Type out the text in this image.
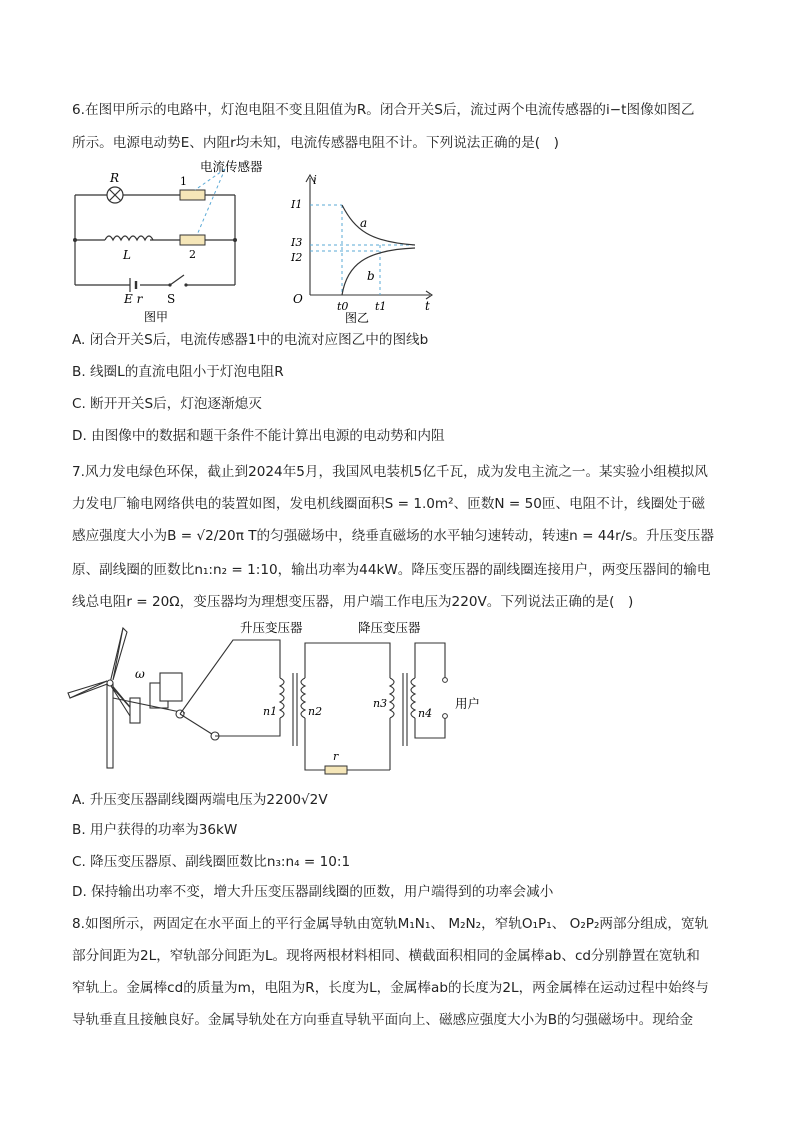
6.在图甲所示的电路中，灯泡电阻不变且阻值为R。闭合开关S后，流过两个电流传感器的i−t图像如图乙
所示。电源电动势E、内阻r均未知，电流传感器电阻不计。下列说法正确的是(　)
电流传感器
R	1
2
L
E r S
图甲
i
t
O
I1
I3
I2
t0 t1
a
b
图乙
A. 闭合开关S后，电流传感器1中的电流对应图乙中的图线b
B. 线圈L的直流电阻小于灯泡电阻R
C. 断开开关S后，灯泡逐渐熄灭
D. 由图像中的数据和题干条件不能计算出电源的电动势和内阻
7.风力发电绿色环保，截止到2024年5月，我国风电装机5亿千瓦，成为发电主流之一。某实验小组模拟风
力发电厂输电网络供电的装置如图，发电机线圈面积S = 1.0m²、匝数N = 50匝、电阻不计，线圈处于磁
感应强度大小为B = √2/20π T的匀强磁场中，绕垂直磁场的水平轴匀速转动，转速n = 44r/s。升压变压器
原、副线圈的匝数比n₁:n₂ = 1:10，输出功率为44kW。降压变压器的副线圈连接用户，两变压器间的输电
线总电阻r = 20Ω，变压器均为理想变压器，用户端工作电压为220V。下列说法正确的是(　)
ω
升压变压器	降压变压器
n1	n2
n3
n4
r
用户
A. 升压变压器副线圈两端电压为2200√2V
B. 用户获得的功率为36kW
C. 降压变压器原、副线圈匝数比n₃:n₄ = 10:1
D. 保持输出功率不变，增大升压变压器副线圈的匝数，用户端得到的功率会减小
8.如图所示，两固定在水平面上的平行金属导轨由宽轨M₁N₁、 M₂N₂，窄轨O₁P₁、 O₂P₂两部分组成，宽轨
部分间距为2L，窄轨部分间距为L。现将两根材料相同、横截面积相同的金属棒ab、cd分别静置在宽轨和
窄轨上。金属棒cd的质量为m，电阻为R，长度为L，金属棒ab的长度为2L，两金属棒在运动过程中始终与
导轨垂直且接触良好。金属导轨处在方向垂直导轨平面向上、磁感应强度大小为B的匀强磁场中。现给金
